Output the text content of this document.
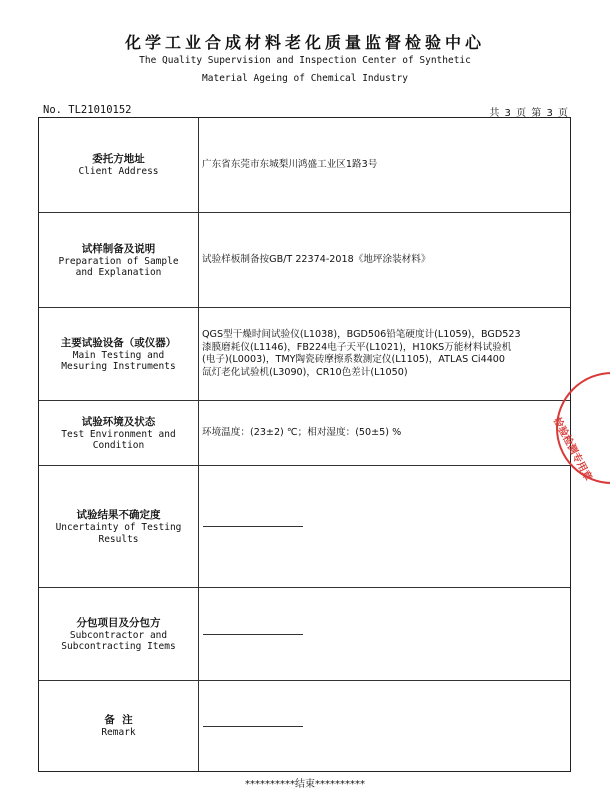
化学工业合成材料老化质量监督检验中心
The Quality Supervision and Inspection Center of Synthetic
Material Ageing of Chemical Industry
No. TL21010152	共 3 页 第 3 页
委托方地址
Client Address
广东省东莞市东城梨川鸿盛工业区1路3号
试样制备及说明
Preparation of Sample
and Explanation
试验样板制备按GB/T 22374-2018《地坪涂装材料》
主要试验设备（或仪器）
Main Testing and
Mesuring Instruments
QGS型干燥时间试验仪(L1038)，BGD506铅笔硬度计(L1059)，BGD523
漆膜磨耗仪(L1146)，FB224电子天平(L1021)，H10KS万能材料试验机
(电子)(L0003)，TMY陶瓷砖摩擦系数测定仪(L1105)，ATLAS Ci4400
氙灯老化试验机(L3090)，CR10色差计(L1050)
试验环境及状态
Test Environment and
Condition
环境温度：(23±2) ℃；相对湿度：(50±5) %
试验结果不确定度
Uncertainty of Testing
Results
分包项目及分包方
Subcontractor and
Subcontracting Items
备  注
Remark
**********结束**********
检验检测专用章
